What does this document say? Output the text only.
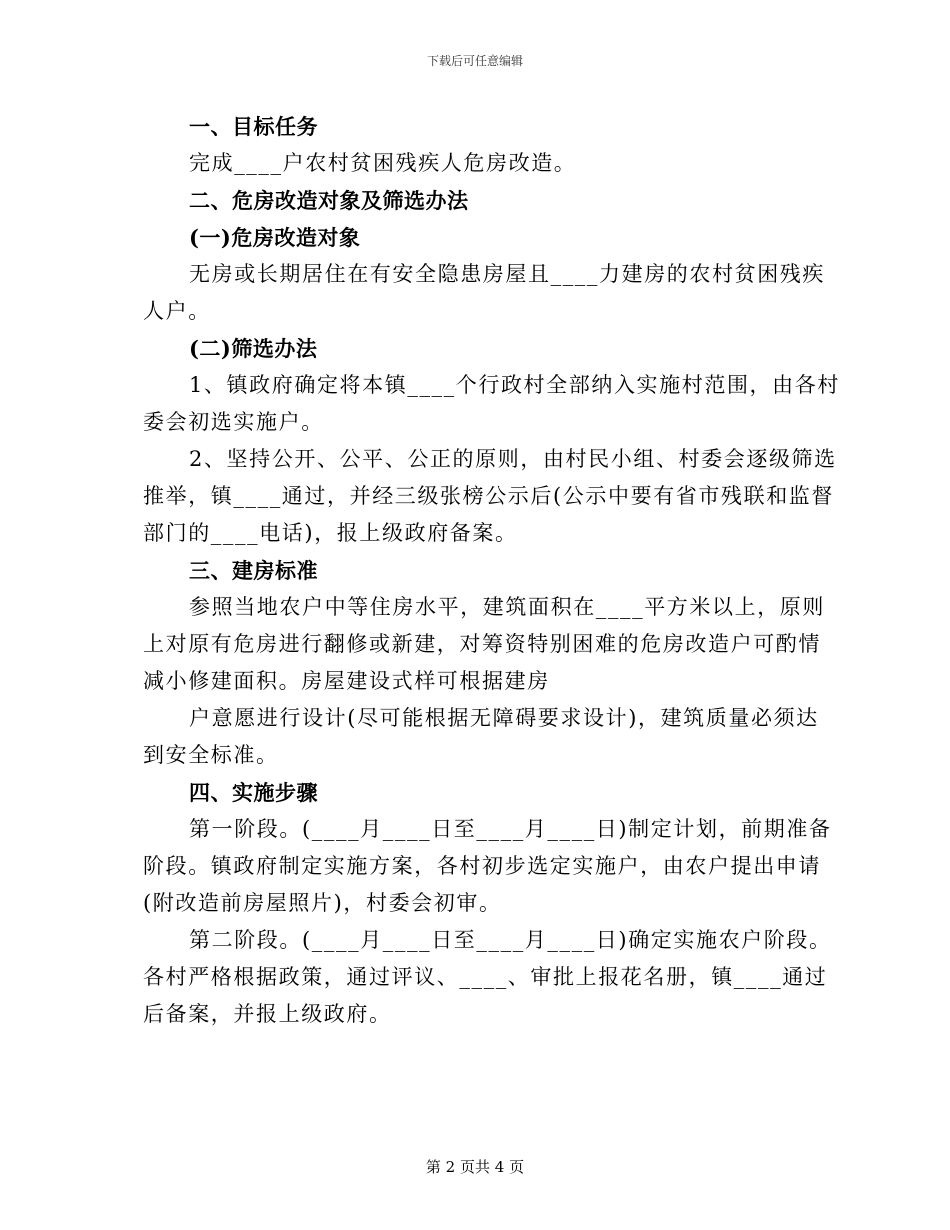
下载后可任意编辑
一、目标任务
完成____户农村贫困残疾人危房改造。
二、危房改造对象及筛选办法
(一)危房改造对象
无房或长期居住在有安全隐患房屋且____力建房的农村贫困残疾
人户。
(二)筛选办法
1、镇政府确定将本镇____个行政村全部纳入实施村范围，由各村
委会初选实施户。
2、坚持公开、公平、公正的原则，由村民小组、村委会逐级筛选
推举，镇____通过，并经三级张榜公示后(公示中要有省市残联和监督
部门的____电话)，报上级政府备案。
三、建房标准
参照当地农户中等住房水平，建筑面积在____平方米以上，原则
上对原有危房进行翻修或新建，对筹资特别困难的危房改造户可酌情
减小修建面积。房屋建设式样可根据建房
户意愿进行设计(尽可能根据无障碍要求设计)，建筑质量必须达
到安全标准。
四、实施步骤
第一阶段。(____月____日至____月____日)制定计划，前期准备
阶段。镇政府制定实施方案，各村初步选定实施户，由农户提出申请
(附改造前房屋照片)，村委会初审。
第二阶段。(____月____日至____月____日)确定实施农户阶段。
各村严格根据政策，通过评议、____、审批上报花名册，镇____通过
后备案，并报上级政府。
第 2 页共 4 页
